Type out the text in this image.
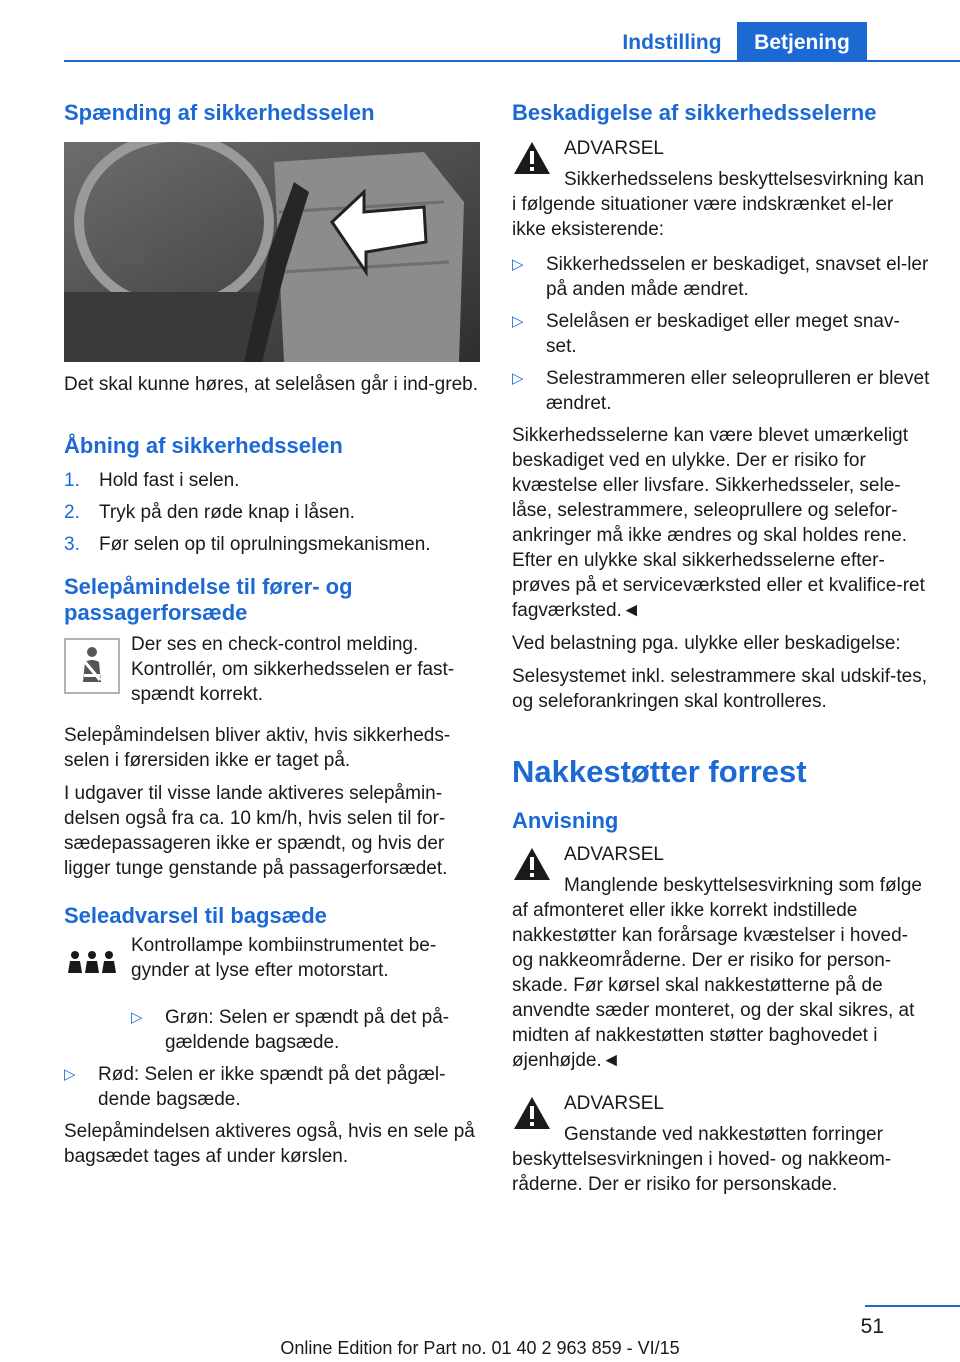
Indstilling	Betjening
Spænding af sikkerhedsselen

Det skal kunne høres, at selelåsen går i ind-greb.

Åbning af sikkerhedsselen
1.	Hold fast i selen.
2.	Tryk på den røde knap i låsen.
3.	Før selen op til oprulningsmekanismen.
Selepåmindelse til fører- og passagerforsæde

Der ses en check-control melding. Kontrollér, om sikkerhedsselen er fast-spændt korrekt.

Selepåmindelsen bliver aktiv, hvis sikkerheds-selen i førersiden ikke er taget på.

I udgaver til visse lande aktiveres selepåmin-delsen også fra ca. 10 km/h, hvis selen til for-sædepassageren ikke er spændt, og hvis der ligger tunge genstande på passagerforsædet.

Seleadvarsel til bagsæde

Kontrollampe kombiinstrumentet be-gynder at lyse efter motorstart.

▷	Grøn: Selen er spændt på det på-gældende bagsæde.
▷	Rød: Selen er ikke spændt på det pågæl-dende bagsæde.

Selepåmindelsen aktiveres også, hvis en sele på bagsædet tages af under kørslen.

Beskadigelse af sikkerhedsselerne

ADVARSEL

Sikkerhedsselens beskyttelsesvirkning kan i følgende situationer være indskrænket el-ler ikke eksisterende:

▷	Sikkerhedsselen er beskadiget, snavset el-ler på anden måde ændret.
▷	Selelåsen er beskadiget eller meget snav-set.
▷	Selestrammeren eller seleoprulleren er blevet ændret.

Sikkerhedsselerne kan være blevet umærkeligt beskadiget ved en ulykke. Der er risiko for kvæstelse eller livsfare. Sikkerhedsseler, sele-låse, selestrammere, seleoprullere og selefor-ankringer må ikke ændres og skal holdes rene. Efter en ulykke skal sikkerhedsselerne efter-prøves på et serviceværksted eller et kvalifice-ret fagværksted.◄

Ved belastning pga. ulykke eller beskadigelse:

Selesystemet inkl. selestrammere skal udskif-tes, og seleforankringen skal kontrolleres.

Nakkestøtter forrest
Anvisning

ADVARSEL

Manglende beskyttelsesvirkning som følge af afmonteret eller ikke korrekt indstillede nakkestøtter kan forårsage kvæstelser i hoved- og nakkeområderne. Der er risiko for person-skade. Før kørsel skal nakkestøtterne på de anvendte sæder monteret, og der skal sikres, at midten af nakkestøtten støtter baghovedet i øjenhøjde.◄

ADVARSEL

Genstande ved nakkestøtten forringer beskyttelsesvirkningen i hoved- og nakkeom-råderne. Der er risiko for personskade.

51
Online Edition for Part no. 01 40 2 963 859 - VI/15
